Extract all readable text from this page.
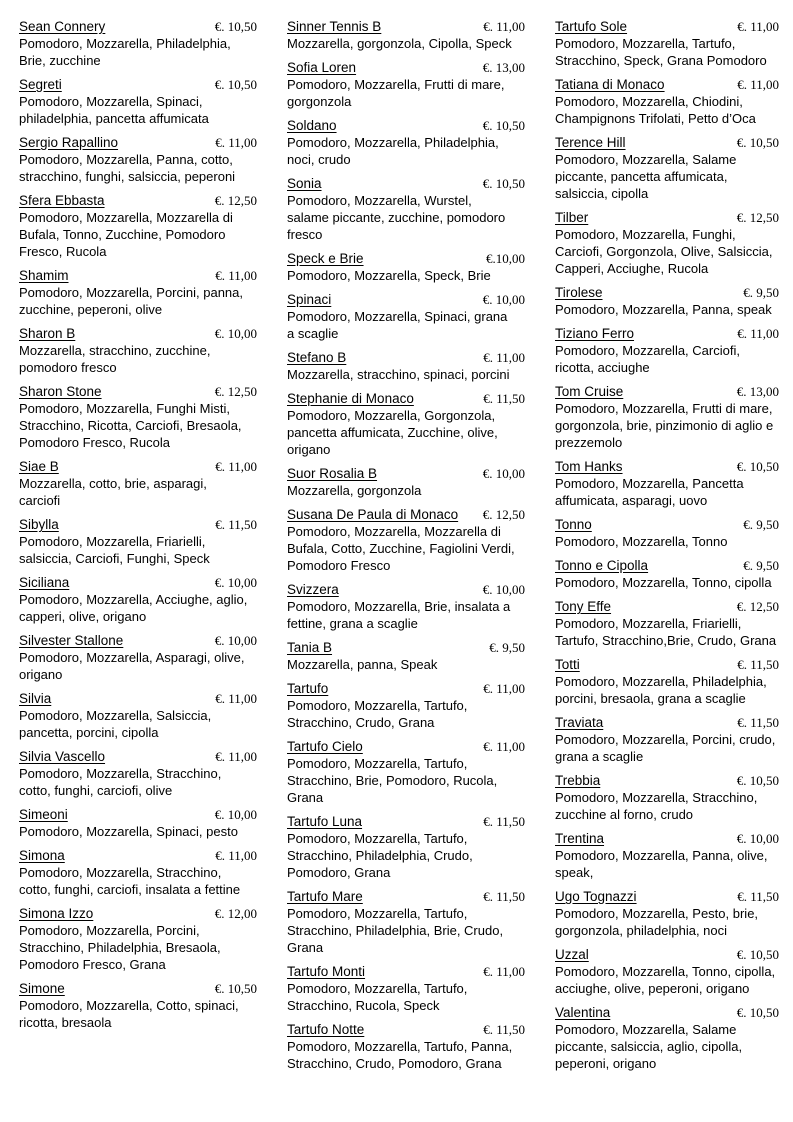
Sean Connery	€. 10,50

Pomodoro, Mozzarella, Philadelphia, Brie, zucchine

Segreti	€. 10,50

Pomodoro, Mozzarella, Spinaci, philadelphia, pancetta affumicata

Sergio Rapallino	€. 11,00

Pomodoro, Mozzarella, Panna, cotto, stracchino, funghi, salsiccia, peperoni

Sfera Ebbasta	€. 12,50

Pomodoro, Mozzarella, Mozzarella di Bufala, Tonno, Zucchine, Pomodoro Fresco, Rucola

Shamim	€. 11,00

Pomodoro, Mozzarella, Porcini, panna, zucchine, peperoni, olive

Sharon B	€. 10,00

Mozzarella, stracchino, zucchine, pomodoro fresco

Sharon Stone	€. 12,50

Pomodoro, Mozzarella, Funghi Misti, Stracchino, Ricotta, Carciofi, Bresaola, Pomodoro Fresco, Rucola

Siae B	€. 11,00

Mozzarella, cotto, brie, asparagi, carciofi

Sibylla	€. 11,50

Pomodoro, Mozzarella, Friarielli, salsiccia, Carciofi, Funghi, Speck

Siciliana	€. 10,00

Pomodoro, Mozzarella, Acciughe, aglio, capperi, olive, origano

Silvester Stallone	€. 10,00

Pomodoro, Mozzarella, Asparagi, olive, origano

Silvia	€. 11,00

Pomodoro, Mozzarella, Salsiccia, pancetta, porcini, cipolla

Silvia Vascello	€. 11,00

Pomodoro, Mozzarella, Stracchino, cotto, funghi, carciofi, olive

Simeoni	€. 10,00

Pomodoro, Mozzarella, Spinaci, pesto

Simona	€. 11,00

Pomodoro, Mozzarella, Stracchino, cotto, funghi, carciofi, insalata a fettine

Simona Izzo	€. 12,00

Pomodoro, Mozzarella, Porcini, Stracchino, Philadelphia, Bresaola, Pomodoro Fresco, Grana

Simone	€. 10,50

Pomodoro, Mozzarella, Cotto, spinaci, ricotta, bresaola

Sinner Tennis B	€. 11,00

Mozzarella, gorgonzola, Cipolla, Speck

Sofia Loren	€. 13,00

Pomodoro, Mozzarella, Frutti di mare, gorgonzola

Soldano	€. 10,50

Pomodoro, Mozzarella, Philadelphia, noci, crudo

Sonia	€. 10,50

Pomodoro, Mozzarella, Wurstel, salame piccante, zucchine, pomodoro fresco

Speck e Brie	€.10,00

Pomodoro, Mozzarella, Speck, Brie

Spinaci	€. 10,00

Pomodoro, Mozzarella, Spinaci, grana a scaglie

Stefano B	€. 11,00

Mozzarella, stracchino, spinaci, porcini

Stephanie di Monaco	€. 11,50

Pomodoro, Mozzarella, Gorgonzola, pancetta affumicata, Zucchine, olive, origano

Suor Rosalia B	€. 10,00

Mozzarella, gorgonzola

Susana De Paula di Monaco €. 12,50

Pomodoro, Mozzarella, Mozzarella di Bufala, Cotto, Zucchine, Fagiolini Verdi, Pomodoro Fresco

Svizzera	€. 10,00

Pomodoro, Mozzarella, Brie, insalata a fettine, grana a scaglie

Tania B	€. 9,50

Mozzarella, panna, Speak

Tartufo	€. 11,00

Pomodoro, Mozzarella, Tartufo, Stracchino, Crudo, Grana

Tartufo Cielo	€. 11,00

Pomodoro, Mozzarella, Tartufo, Stracchino, Brie, Pomodoro, Rucola, Grana

Tartufo Luna	€. 11,50

Pomodoro, Mozzarella, Tartufo, Stracchino, Philadelphia, Crudo, Pomodoro, Grana

Tartufo Mare	€. 11,50

Pomodoro, Mozzarella, Tartufo, Stracchino, Philadelphia, Brie, Crudo, Grana

Tartufo Monti	€. 11,00

Pomodoro, Mozzarella, Tartufo, Stracchino, Rucola, Speck

Tartufo Notte	€. 11,50

Pomodoro, Mozzarella, Tartufo, Panna, Stracchino, Crudo, Pomodoro, Grana

Tartufo Sole	€. 11,00

Pomodoro, Mozzarella, Tartufo, Stracchino, Speck, Grana Pomodoro

Tatiana di Monaco	€. 11,00

Pomodoro, Mozzarella, Chiodini, Champignons Trifolati, Petto d’Oca

Terence Hill	€. 10,50

Pomodoro, Mozzarella, Salame piccante, pancetta affumicata, salsiccia, cipolla

Tilber	€. 12,50

Pomodoro, Mozzarella, Funghi, Carciofi, Gorgonzola, Olive, Salsiccia, Capperi, Acciughe, Rucola

Tirolese	€. 9,50

Pomodoro, Mozzarella, Panna, speak

Tiziano Ferro	€. 11,00

Pomodoro, Mozzarella, Carciofi, ricotta, acciughe

Tom Cruise	€. 13,00

Pomodoro, Mozzarella, Frutti di mare, gorgonzola, brie, pinzimonio di aglio e prezzemolo

Tom Hanks	€. 10,50

Pomodoro, Mozzarella, Pancetta affumicata, asparagi, uovo

Tonno	€. 9,50

Pomodoro, Mozzarella, Tonno

Tonno e Cipolla	€. 9,50

Pomodoro, Mozzarella, Tonno, cipolla

Tony Effe	€. 12,50

Pomodoro, Mozzarella, Friarielli, Tartufo, Stracchino,Brie, Crudo, Grana

Totti	€. 11,50

Pomodoro, Mozzarella, Philadelphia, porcini, bresaola, grana a scaglie

Traviata	€. 11,50

Pomodoro, Mozzarella, Porcini, crudo, grana a scaglie

Trebbia	€. 10,50

Pomodoro, Mozzarella, Stracchino, zucchine al forno, crudo

Trentina	€. 10,00

Pomodoro, Mozzarella, Panna, olive, speak,

Ugo Tognazzi	€. 11,50

Pomodoro, Mozzarella, Pesto, brie, gorgonzola, philadelphia, noci

Uzzal	€. 10,50

Pomodoro, Mozzarella, Tonno, cipolla, acciughe, olive, peperoni, origano

Valentina	€. 10,50

Pomodoro, Mozzarella, Salame piccante, salsiccia, aglio, cipolla, peperoni, origano
